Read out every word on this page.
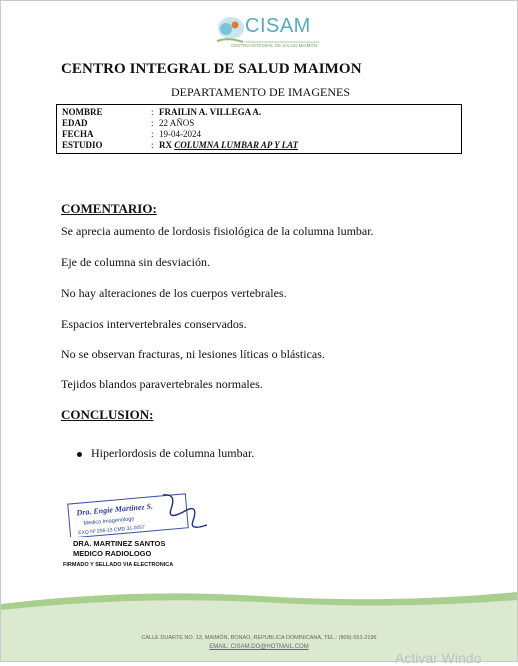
CISAM
CENTRO INTEGRAL DE SALUD MAIMON
CENTRO INTEGRAL DE SALUD MAIMON
DEPARTAMENTO DE IMAGENES
NOMBRE	: FRAILIN A. VILLEGA A.
EDAD	: 22 AÑOS
FECHA	: 19-04-2024
ESTUDIO	: RX COLUMNA LUMBAR AP Y LAT
COMENTARIO:
Se aprecia aumento de lordosis fisiológica de la columna lumbar.
Eje de columna sin desviación.
No hay alteraciones de los cuerpos vertebrales.
Espacios intervertebrales conservados.
No se observan fracturas, ni lesiones líticas o blásticas.
Tejidos blandos paravertebrales normales.
CONCLUSION:
Hiperlordosis de columna lumbar.
Dra. Engie Martinez S.
Medico Imagenólogo
EXQ Nº 206-13 CMD 31-0057
DRA. MARTINEZ SANTOS
MEDICO RADIOLOGO
FIRMADO Y SELLADO VIA ELECTRONICA
CALLE DUARTE NO. 13, MAIMÓN, BONAO, REPUBLICA DOMINICANA, TEL.: (809)-551-2196
EMAIL: CISAM.DO@HOTMAIL.COM
Activar Windo
